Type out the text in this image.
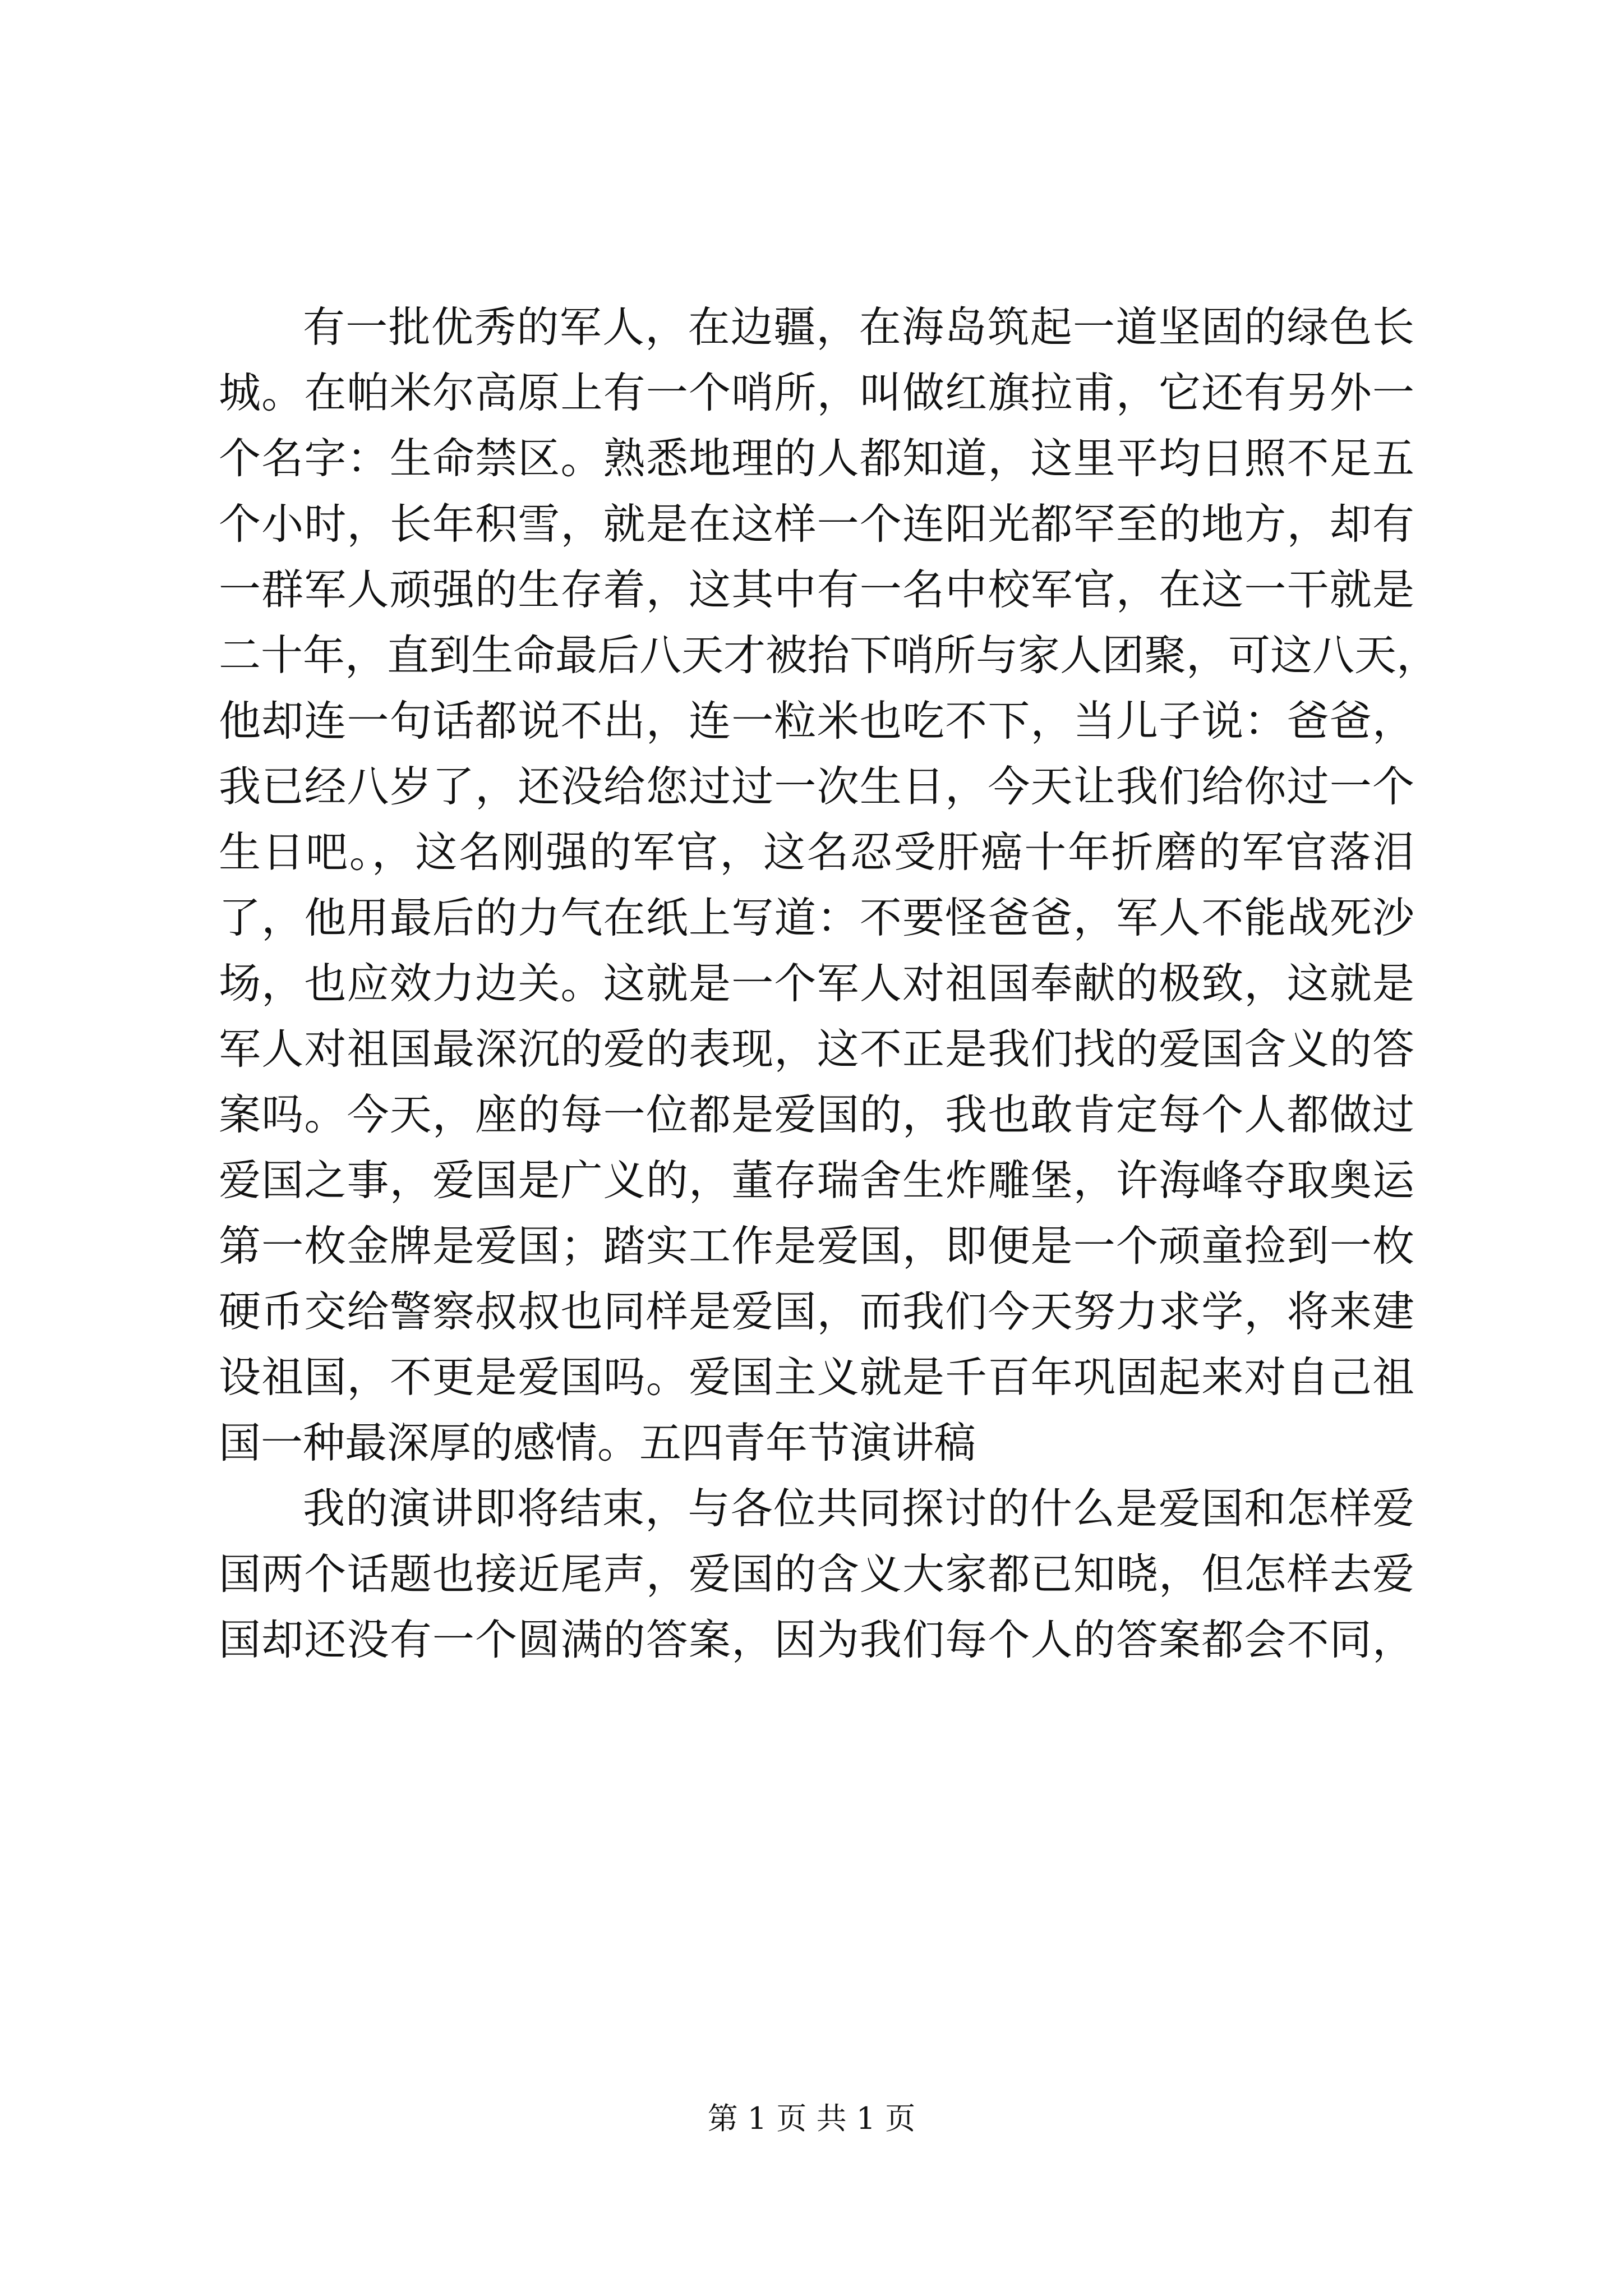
有一批优秀的军人，在边疆，在海岛筑起一道坚固的绿色长
城。在帕米尔高原上有一个哨所，叫做红旗拉甫，它还有另外一
个名字：生命禁区。熟悉地理的人都知道，这里平均日照不足五
个小时，长年积雪，就是在这样一个连阳光都罕至的地方，却有
一群军人顽强的生存着，这其中有一名中校军官，在这一干就是
二十年，直到生命最后八天才被抬下哨所与家人团聚，可这八天，
他却连一句话都说不出，连一粒米也吃不下，当儿子说：爸爸，
我已经八岁了，还没给您过过一次生日，今天让我们给你过一个
生日吧。，这名刚强的军官，这名忍受肝癌十年折磨的军官落泪
了，他用最后的力气在纸上写道：不要怪爸爸，军人不能战死沙
场，也应效力边关。这就是一个军人对祖国奉献的极致，这就是
军人对祖国最深沉的爱的表现，这不正是我们找的爱国含义的答
案吗。今天，座的每一位都是爱国的，我也敢肯定每个人都做过
爱国之事，爱国是广义的，董存瑞舍生炸雕堡，许海峰夺取奥运
第一枚金牌是爱国；踏实工作是爱国，即便是一个顽童捡到一枚
硬币交给警察叔叔也同样是爱国，而我们今天努力求学，将来建
设祖国，不更是爱国吗。爱国主义就是千百年巩固起来对自己祖
国一种最深厚的感情。五四青年节演讲稿
我的演讲即将结束，与各位共同探讨的什么是爱国和怎样爱
国两个话题也接近尾声，爱国的含义大家都已知晓，但怎样去爱
国却还没有一个圆满的答案，因为我们每个人的答案都会不同，
第 1 页 共 1 页
